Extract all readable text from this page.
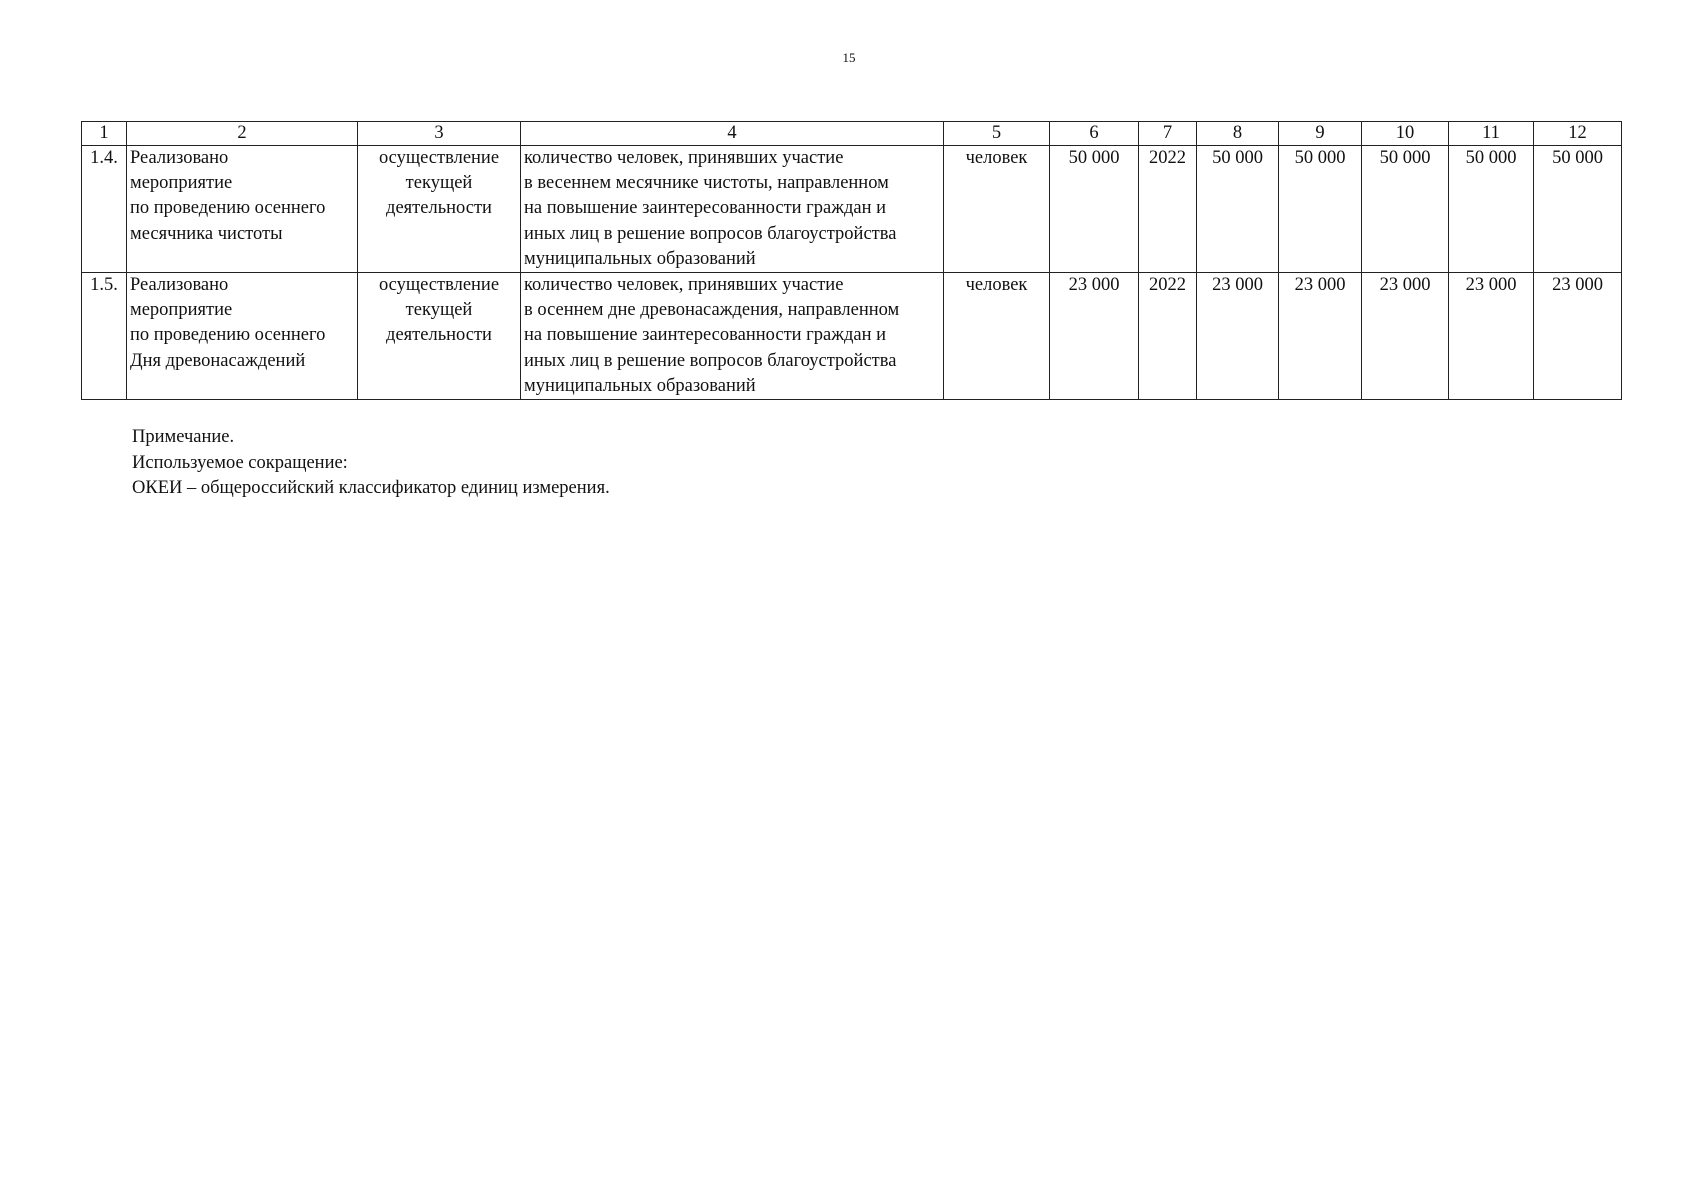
15
1	2	3	4	5	6	7	8	9	10	11	12
1.4.	Реализовано
мероприятие
по проведению осеннего
месячника чистоты	осуществление
текущей
деятельности	количество человек, принявших участие
в весеннем месячнике чистоты, направленном
на повышение заинтересованности граждан и
иных лиц в решение вопросов благоустройства
муниципальных образований	человек	50 000	2022	50 000	50 000	50 000	50 000	50 000
1.5.	Реализовано
мероприятие
по проведению осеннего
Дня древонасаждений	осуществление
текущей
деятельности	количество человек, принявших участие
в осеннем дне древонасаждения, направленном
на повышение заинтересованности граждан и
иных лиц в решение вопросов благоустройства
муниципальных образований	человек	23 000	2022	23 000	23 000	23 000	23 000	23 000
Примечание.
Используемое сокращение:
ОКЕИ – общероссийский классификатор единиц измерения.
